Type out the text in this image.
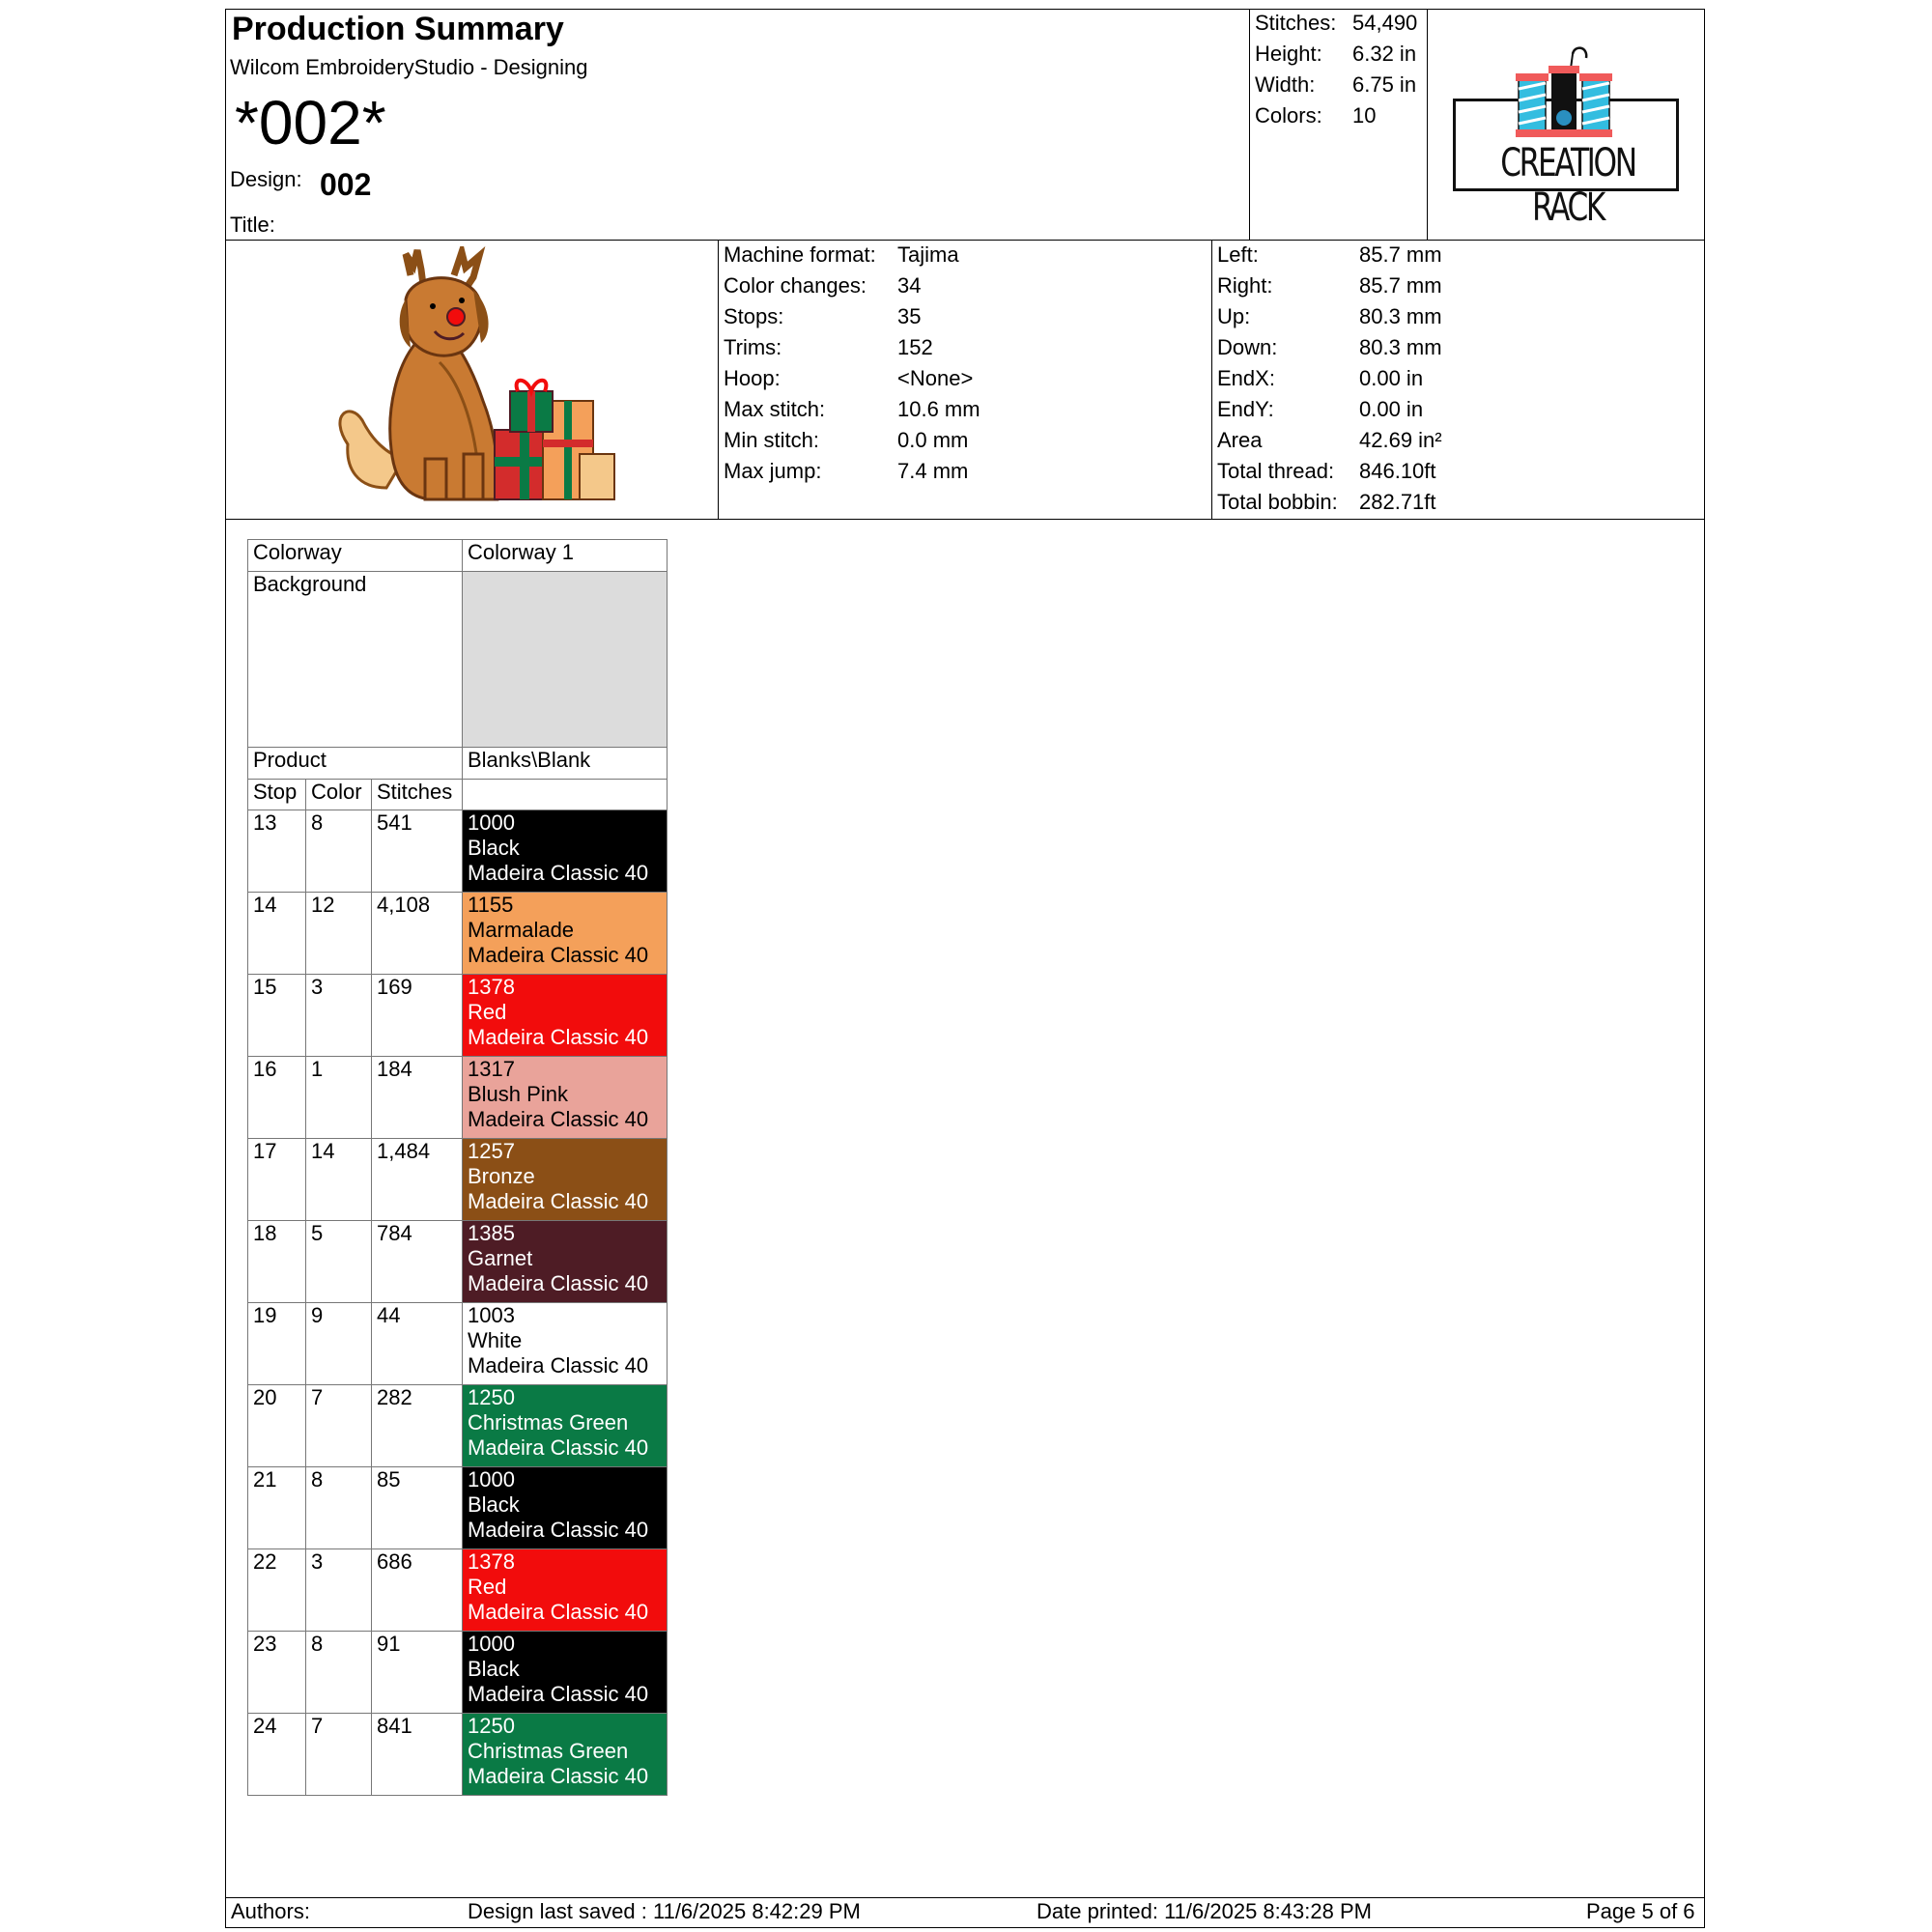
Production Summary
Wilcom EmbroideryStudio - Designing
*002*
Design: 002
Title:
Stitches: 54,490
Height: 6.32 in
Width: 6.75 in
Colors: 10
CREATION RACK
Machine format: Tajima
Color changes: 34
Stops:	35
Trims:	152
Hoop:	<None>
Max stitch:	10.6 mm
Min stitch:	0.0 mm
Max jump:	7.4 mm
Left:	85.7 mm
Right:	85.7 mm
Up:	80.3 mm
Down:	80.3 mm
EndX:	0.00 in
EndY:	0.00 in
Area	42.69 in²
Total thread: 846.10ft
Total bobbin: 282.71ft
Colorway			Colorway 1
Background			
Product			Blanks\Blank
Stop	Color	Stitches	
13	8	541	1000
Black
Madeira Classic 40

14	12	4,108	1155
Marmalade
Madeira Classic 40

15	3	169	1378
Red
Madeira Classic 40

16	1	184	1317
Blush Pink
Madeira Classic 40

17	14	1,484	1257
Bronze
Madeira Classic 40

18	5	784	1385
Garnet
Madeira Classic 40

19	9	44	1003
White
Madeira Classic 40

20	7	282	1250
Christmas Green
Madeira Classic 40

21	8	85	1000
Black
Madeira Classic 40

22	3	686	1378
Red
Madeira Classic 40

23	8	91	1000
Black
Madeira Classic 40

24	7	841	1250
Christmas Green
Madeira Classic 40
Authors:	Design last saved : 11/6/2025 8:42:29 PM	Date printed: 11/6/2025 8:43:28 PM	Page 5 of 6
